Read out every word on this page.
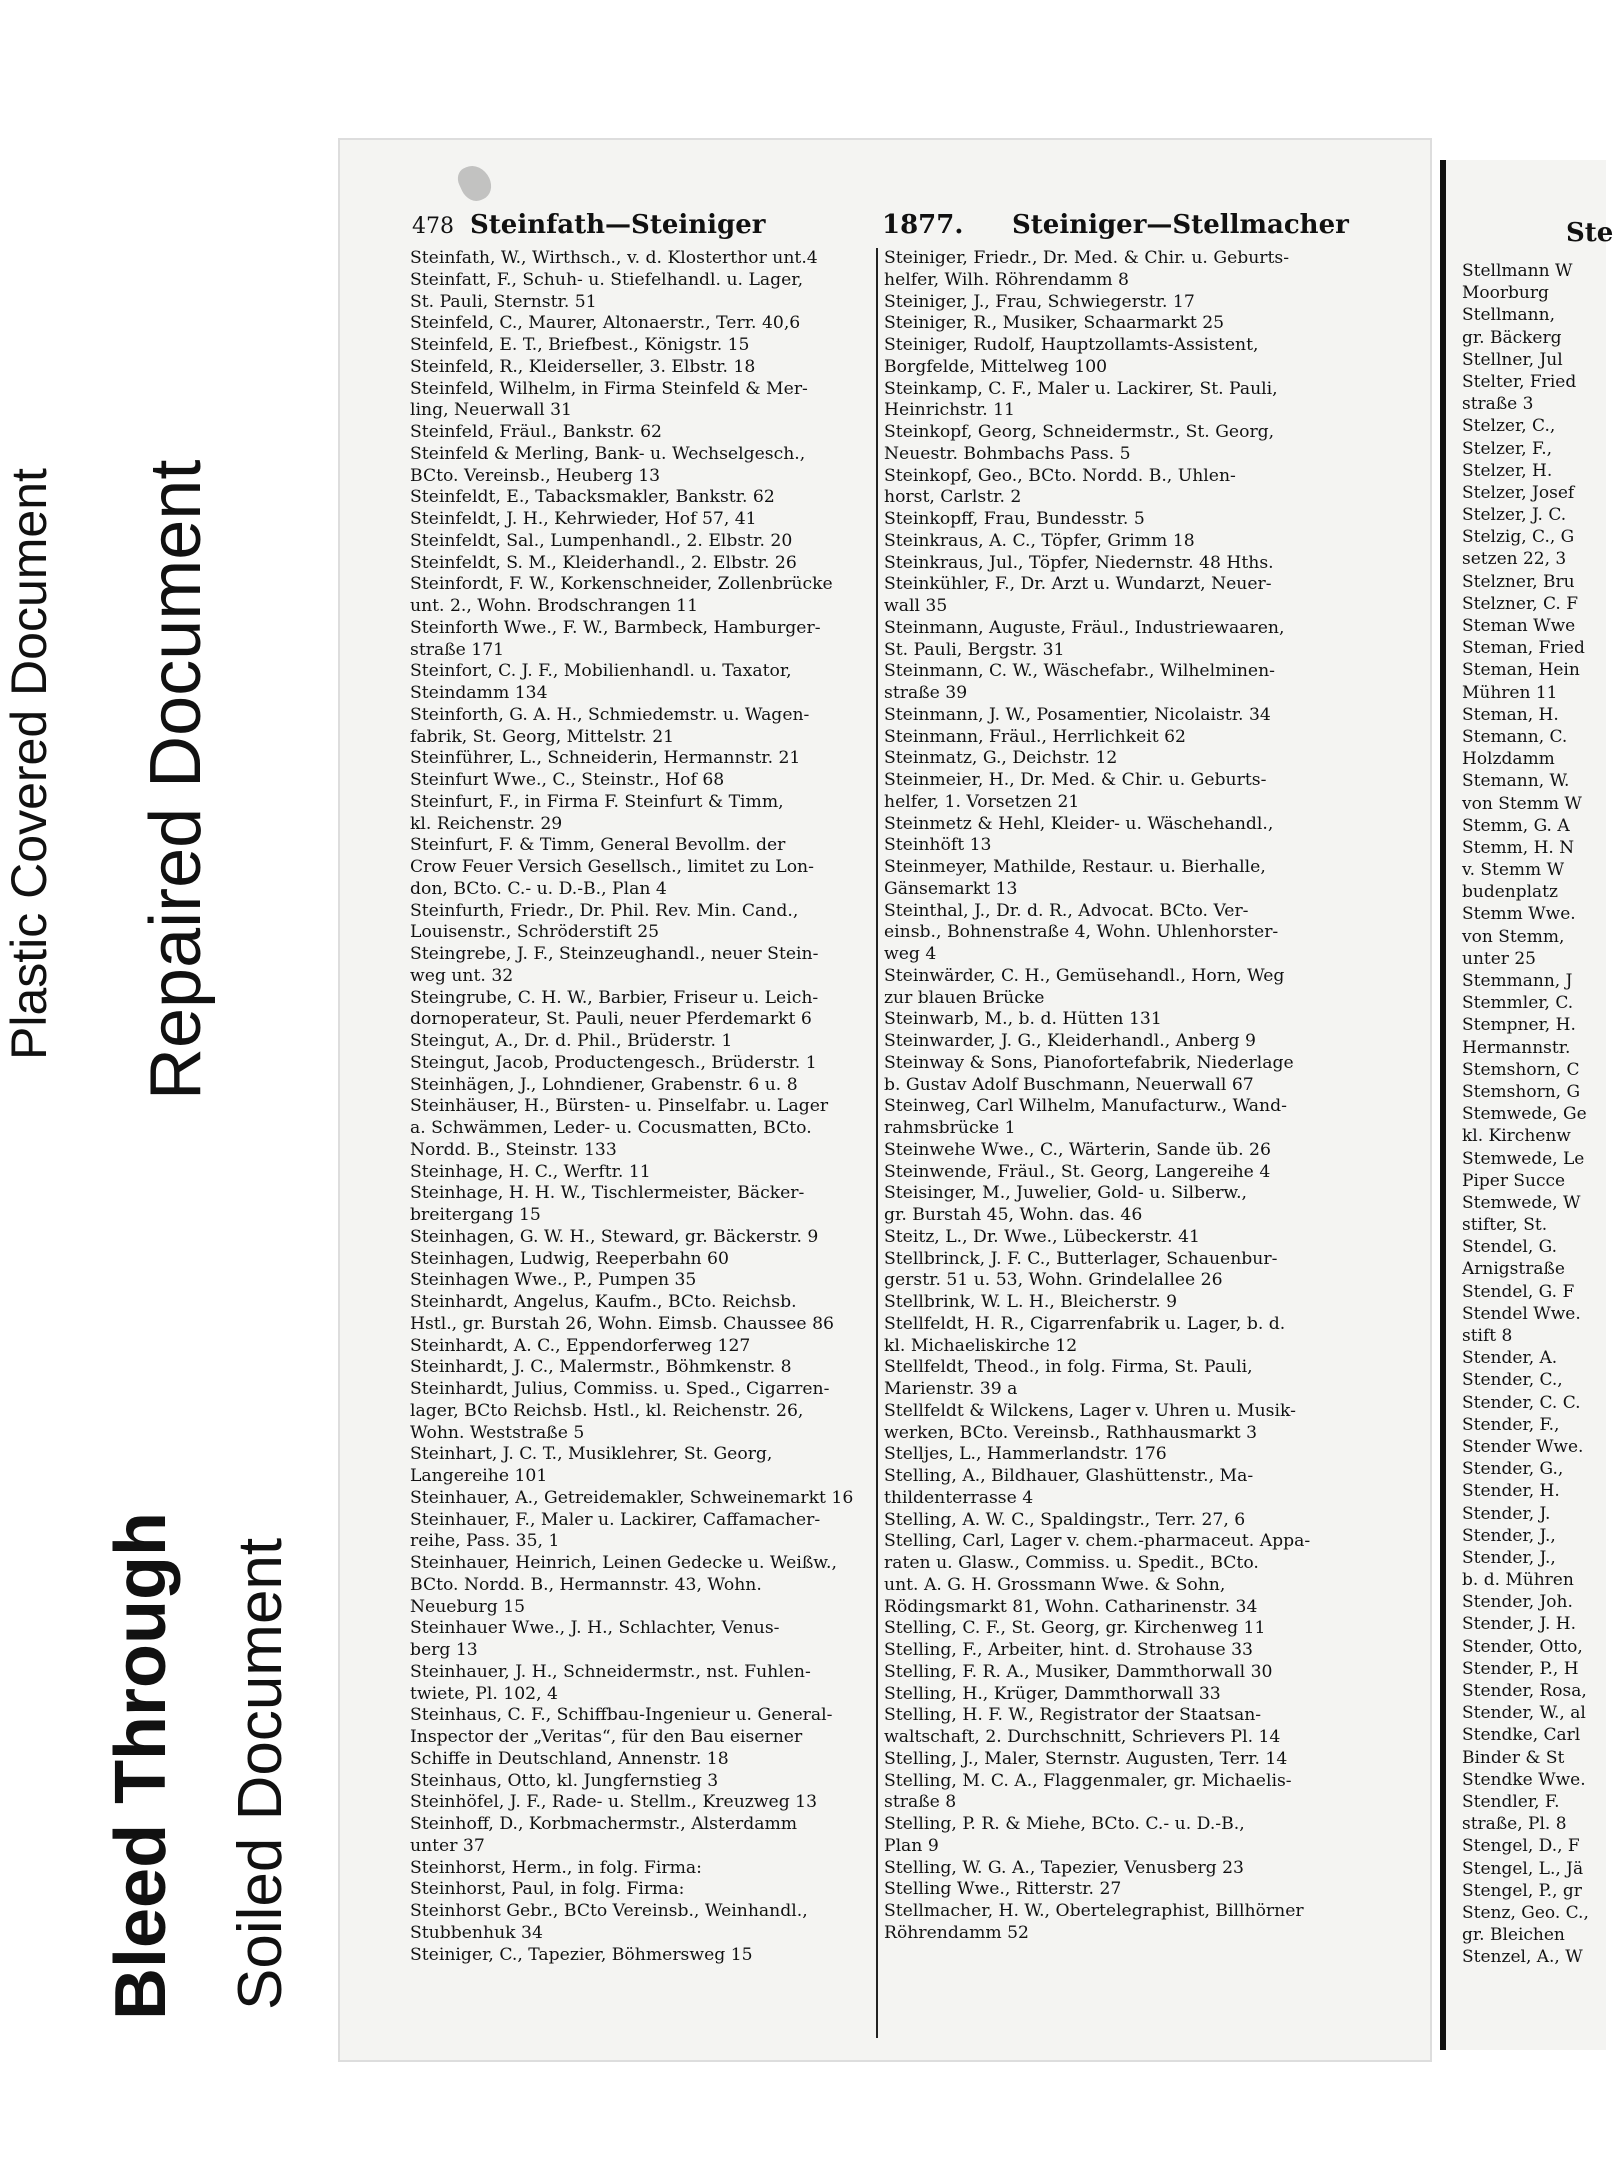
Plastic Covered Document Repaired Document
Bleed Through Soiled Document
478 Steinfath—Steiniger	1877. Steiniger—Stellmacher
Steinfath, W., Wirthsch., v. d. Klosterthor unt.4
Steinfatt, F., Schuh- u. Stiefelhandl. u. Lager,
St. Pauli, Sternstr. 51
Steinfeld, C., Maurer, Altonaerstr., Terr. 40,6
Steinfeld, E. T., Briefbest., Königstr. 15
Steinfeld, R., Kleiderseller, 3. Elbstr. 18
Steinfeld, Wilhelm, in Firma Steinfeld & Mer-
ling, Neuerwall 31
Steinfeld, Fräul., Bankstr. 62
Steinfeld & Merling, Bank- u. Wechselgesch.,
BCto. Vereinsb., Heuberg 13
Steinfeldt, E., Tabacksmakler, Bankstr. 62
Steinfeldt, J. H., Kehrwieder, Hof 57, 41
Steinfeldt, Sal., Lumpenhandl., 2. Elbstr. 20
Steinfeldt, S. M., Kleiderhandl., 2. Elbstr. 26
Steinfordt, F. W., Korkenschneider, Zollenbrücke
unt. 2., Wohn. Brodschrangen 11
Steinforth Wwe., F. W., Barmbeck, Hamburger-
straße 171
Steinfort, C. J. F., Mobilienhandl. u. Taxator,
Steindamm 134
Steinforth, G. A. H., Schmiedemstr. u. Wagen-
fabrik, St. Georg, Mittelstr. 21
Steinführer, L., Schneiderin, Hermannstr. 21
Steinfurt Wwe., C., Steinstr., Hof 68
Steinfurt, F., in Firma F. Steinfurt & Timm,
kl. Reichenstr. 29
Steinfurt, F. & Timm, General Bevollm. der
Crow Feuer Versich Gesellsch., limitet zu Lon-
don, BCto. C.- u. D.-B., Plan 4
Steinfurth, Friedr., Dr. Phil. Rev. Min. Cand.,
Louisenstr., Schröderstift 25
Steingrebe, J. F., Steinzeughandl., neuer Stein-
weg unt. 32
Steingrube, C. H. W., Barbier, Friseur u. Leich-
dornoperateur, St. Pauli, neuer Pferdemarkt 6
Steingut, A., Dr. d. Phil., Brüderstr. 1
Steingut, Jacob, Productengesch., Brüderstr. 1
Steinhägen, J., Lohndiener, Grabenstr. 6 u. 8
Steinhäuser, H., Bürsten- u. Pinselfabr. u. Lager
a. Schwämmen, Leder- u. Cocusmatten, BCto.
Nordd. B., Steinstr. 133
Steinhage, H. C., Werftr. 11
Steinhage, H. H. W., Tischlermeister, Bäcker-
breitergang 15
Steinhagen, G. W. H., Steward, gr. Bäckerstr. 9
Steinhagen, Ludwig, Reeperbahn 60
Steinhagen Wwe., P., Pumpen 35
Steinhardt, Angelus, Kaufm., BCto. Reichsb.
Hstl., gr. Burstah 26, Wohn. Eimsb. Chaussee 86
Steinhardt, A. C., Eppendorferweg 127
Steinhardt, J. C., Malermstr., Böhmkenstr. 8
Steinhardt, Julius, Commiss. u. Sped., Cigarren-
lager, BCto Reichsb. Hstl., kl. Reichenstr. 26,
Wohn. Weststraße 5
Steinhart, J. C. T., Musiklehrer, St. Georg,
Langereihe 101
Steinhauer, A., Getreidemakler, Schweinemarkt 16
Steinhauer, F., Maler u. Lackirer, Caffamacher-
reihe, Pass. 35, 1
Steinhauer, Heinrich, Leinen Gedecke u. Weißw.,
BCto. Nordd. B., Hermannstr. 43, Wohn.
Neueburg 15
Steinhauer Wwe., J. H., Schlachter, Venus-
berg 13
Steinhauer, J. H., Schneidermstr., nst. Fuhlen-
twiete, Pl. 102, 4
Steinhaus, C. F., Schiffbau-Ingenieur u. General-
Inspector der „Veritas“, für den Bau eiserner
Schiffe in Deutschland, Annenstr. 18
Steinhaus, Otto, kl. Jungfernstieg 3
Steinhöfel, J. F., Rade- u. Stellm., Kreuzweg 13
Steinhoff, D., Korbmachermstr., Alsterdamm
unter 37
Steinhorst, Herm., in folg. Firma:
Steinhorst, Paul, in folg. Firma:
Steinhorst Gebr., BCto Vereinsb., Weinhandl.,
Stubbenhuk 34
Steiniger, C., Tapezier, Böhmersweg 15
Steiniger, Friedr., Dr. Med. & Chir. u. Geburts-
helfer, Wilh. Röhrendamm 8
Steiniger, J., Frau, Schwiegerstr. 17
Steiniger, R., Musiker, Schaarmarkt 25
Steiniger, Rudolf, Hauptzollamts-Assistent,
Borgfelde, Mittelweg 100
Steinkamp, C. F., Maler u. Lackirer, St. Pauli,
Heinrichstr. 11
Steinkopf, Georg, Schneidermstr., St. Georg,
Neuestr. Bohmbachs Pass. 5
Steinkopf, Geo., BCto. Nordd. B., Uhlen-
horst, Carlstr. 2
Steinkopff, Frau, Bundesstr. 5
Steinkraus, A. C., Töpfer, Grimm 18
Steinkraus, Jul., Töpfer, Niedernstr. 48 Hths.
Steinkühler, F., Dr. Arzt u. Wundarzt, Neuer-
wall 35
Steinmann, Auguste, Fräul., Industriewaaren,
St. Pauli, Bergstr. 31
Steinmann, C. W., Wäschefabr., Wilhelminen-
straße 39
Steinmann, J. W., Posamentier, Nicolaistr. 34
Steinmann, Fräul., Herrlichkeit 62
Steinmatz, G., Deichstr. 12
Steinmeier, H., Dr. Med. & Chir. u. Geburts-
helfer, 1. Vorsetzen 21
Steinmetz & Hehl, Kleider- u. Wäschehandl.,
Steinhöft 13
Steinmeyer, Mathilde, Restaur. u. Bierhalle,
Gänsemarkt 13
Steinthal, J., Dr. d. R., Advocat. BCto. Ver-
einsb., Bohnenstraße 4, Wohn. Uhlenhorster-
weg 4
Steinwärder, C. H., Gemüsehandl., Horn, Weg
zur blauen Brücke
Steinwarb, M., b. d. Hütten 131
Steinwarder, J. G., Kleiderhandl., Anberg 9
Steinway & Sons, Pianofortefabrik, Niederlage
b. Gustav Adolf Buschmann, Neuerwall 67
Steinweg, Carl Wilhelm, Manufacturw., Wand-
rahmsbrücke 1
Steinwehe Wwe., C., Wärterin, Sande üb. 26
Steinwende, Fräul., St. Georg, Langereihe 4
Steisinger, M., Juwelier, Gold- u. Silberw.,
gr. Burstah 45, Wohn. das. 46
Steitz, L., Dr. Wwe., Lübeckerstr. 41
Stellbrinck, J. F. C., Butterlager, Schauenbur-
gerstr. 51 u. 53, Wohn. Grindelallee 26
Stellbrink, W. L. H., Bleicherstr. 9
Stellfeldt, H. R., Cigarrenfabrik u. Lager, b. d.
kl. Michaeliskirche 12
Stellfeldt, Theod., in folg. Firma, St. Pauli,
Marienstr. 39 a
Stellfeldt & Wilckens, Lager v. Uhren u. Musik-
werken, BCto. Vereinsb., Rathhausmarkt 3
Stelljes, L., Hammerlandstr. 176
Stelling, A., Bildhauer, Glashüttenstr., Ma-
thildenterrasse 4
Stelling, A. W. C., Spaldingstr., Terr. 27, 6
Stelling, Carl, Lager v. chem.-pharmaceut. Appa-
raten u. Glasw., Commiss. u. Spedit., BCto.
unt. A. G. H. Grossmann Wwe. & Sohn,
Rödingsmarkt 81, Wohn. Catharinenstr. 34
Stelling, C. F., St. Georg, gr. Kirchenweg 11
Stelling, F., Arbeiter, hint. d. Strohause 33
Stelling, F. R. A., Musiker, Dammthorwall 30
Stelling, H., Krüger, Dammthorwall 33
Stelling, H. F. W., Registrator der Staatsan-
waltschaft, 2. Durchschnitt, Schrievers Pl. 14
Stelling, J., Maler, Sternstr. Augusten, Terr. 14
Stelling, M. C. A., Flaggenmaler, gr. Michaelis-
straße 8
Stelling, P. R. & Miehe, BCto. C.- u. D.-B.,
Plan 9
Stelling, W. G. A., Tapezier, Venusberg 23
Stelling Wwe., Ritterstr. 27
Stellmacher, H. W., Obertelegraphist, Billhörner
Röhrendamm 52
Ste
Stellmann W
Moorburg
Stellmann,
gr. Bäckerg
Stellner, Jul
Stelter, Fried
straße 3
Stelzer, C.,
Stelzer, F.,
Stelzer, H.
Stelzer, Josef
Stelzer, J. C.
Stelzig, C., G
setzen 22, 3
Stelzner, Bru
Stelzner, C. F
Steman Wwe
Steman, Fried
Steman, Hein
Mühren 11
Steman, H.
Stemann, C.
Holzdamm
Stemann, W.
von Stemm W
Stemm, G. A
Stemm, H. N
v. Stemm W
budenplatz
Stemm Wwe.
von Stemm,
unter 25
Stemmann, J
Stemmler, C.
Stempner, H.
Hermannstr.
Stemshorn, C
Stemshorn, G
Stemwede, Ge
kl. Kirchenw
Stemwede, Le
Piper Succe
Stemwede, W
stifter, St.
Stendel, G.
Arnigstraße
Stendel, G. F
Stendel Wwe.
stift 8
Stender, A.
Stender, C.,
Stender, C. C.
Stender, F.,
Stender Wwe.
Stender, G.,
Stender, H.
Stender, J.
Stender, J.,
Stender, J.,
b. d. Mühren
Stender, Joh.
Stender, J. H.
Stender, Otto,
Stender, P., H
Stender, Rosa,
Stender, W., al
Stendke, Carl
Binder & St
Stendke Wwe.
Stendler, F.
straße, Pl. 8
Stengel, D., F
Stengel, L., Jä
Stengel, P., gr
Stenz, Geo. C.,
gr. Bleichen
Stenzel, A., W
